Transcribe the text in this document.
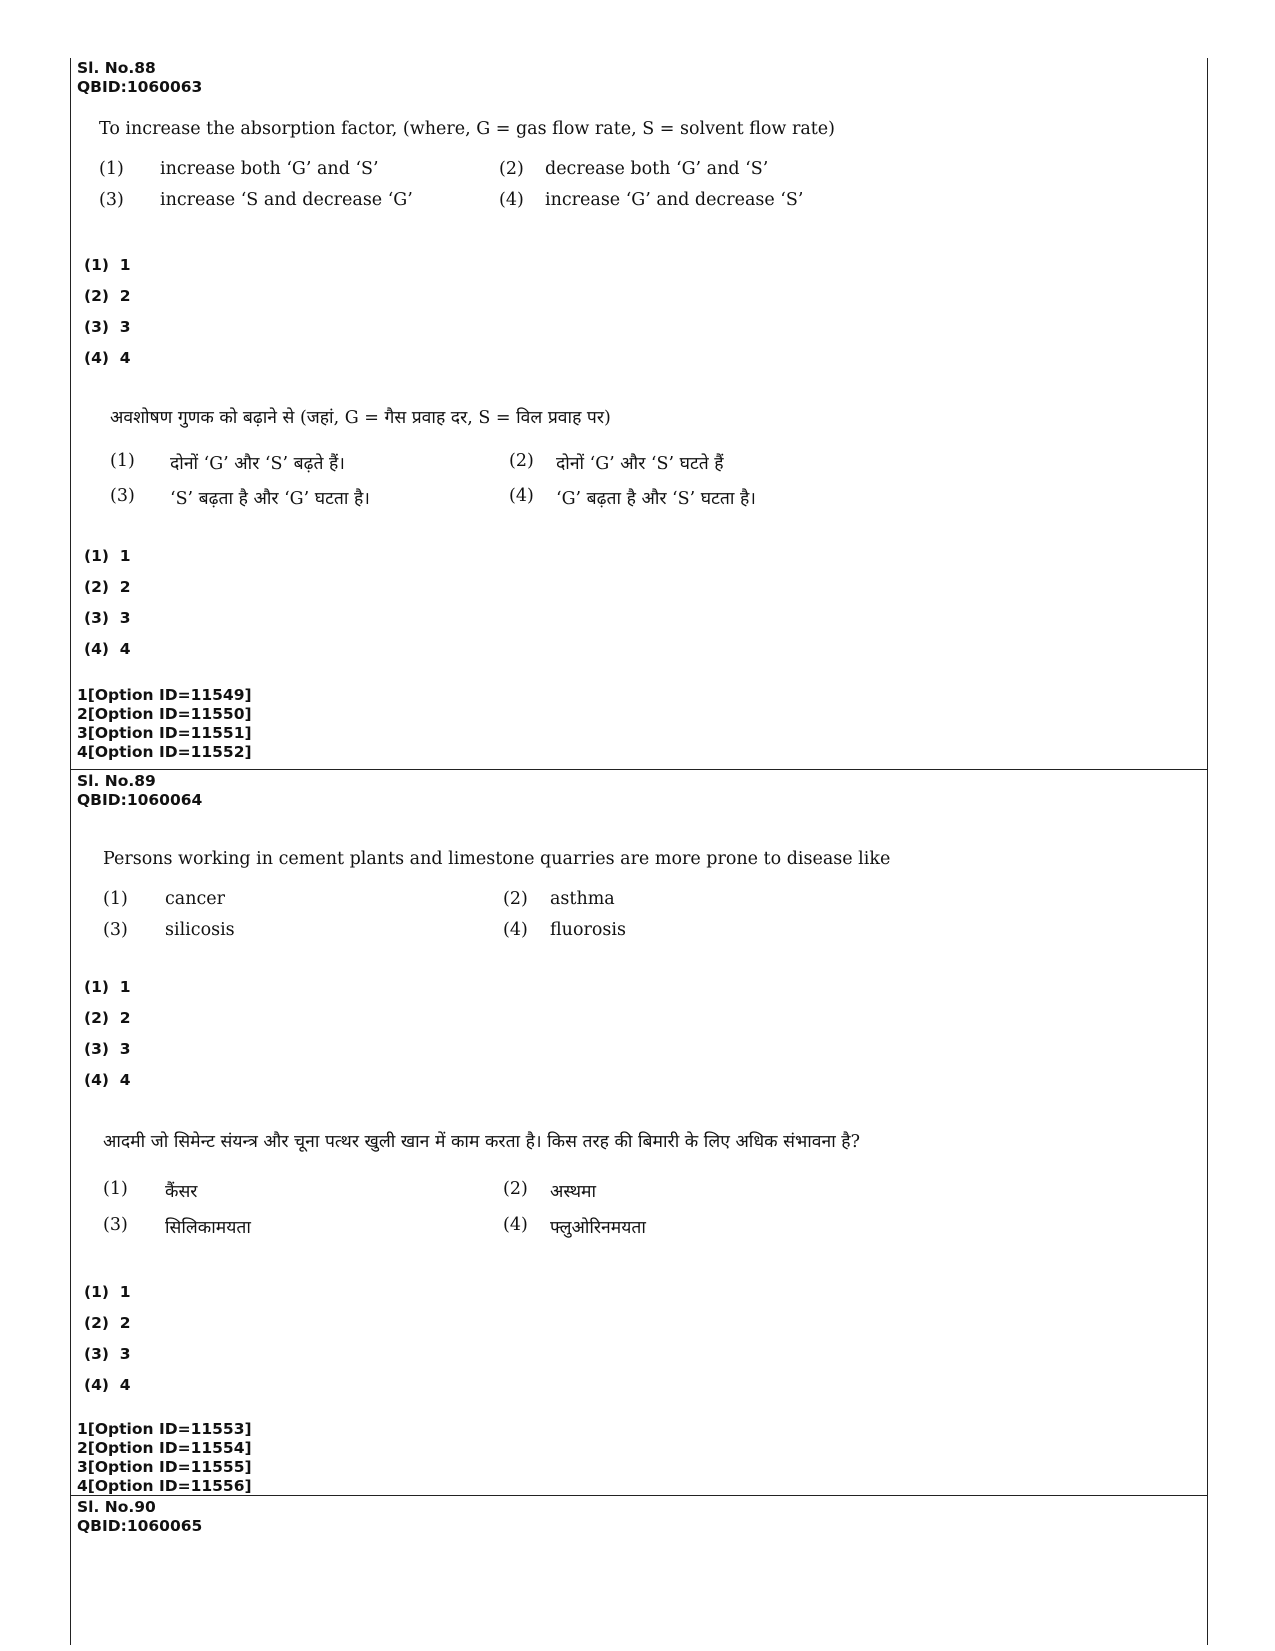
Sl. No.88
QBID:1060063
To increase the absorption factor, (where, G = gas flow rate, S = solvent flow rate)
(1) increase both ‘G’ and ‘S’	(2) decrease both ‘G’ and ‘S’
(3) increase ‘S and decrease ‘G’	(4) increase ‘G’ and decrease ‘S’
(1)  1
(2)  2
(3)  3
(4)  4
अवशोषण गुणक को बढ़ाने से (जहां, G = गैस प्रवाह दर, S = विल प्रवाह पर)
(1) दोनों ‘G’ और ‘S’ बढ़ते हैं।	(2) दोनों ‘G’ और ‘S’ घटते हैं
(3) ‘S’ बढ़ता है और ‘G’ घटता है।	(4) ‘G’ बढ़ता है और ‘S’ घटता है।
(1)  1
(2)  2
(3)  3
(4)  4
1[Option ID=11549]
2[Option ID=11550]
3[Option ID=11551]
4[Option ID=11552]
Sl. No.89
QBID:1060064
Persons working in cement plants and limestone quarries are more prone to disease like
(1) cancer	(2) asthma
(3) silicosis	(4) fluorosis
(1)  1
(2)  2
(3)  3
(4)  4
आदमी जो सिमेन्ट संयन्त्र और चूना पत्थर खुली खान में काम करता है। किस तरह की बिमारी के लिए अधिक संभावना है?
(1) कैंसर	(2) अस्थमा
(3) सिलिकामयता	(4) फ्लुओरिनमयता
(1)  1
(2)  2
(3)  3
(4)  4
1[Option ID=11553]
2[Option ID=11554]
3[Option ID=11555]
4[Option ID=11556]
Sl. No.90
QBID:1060065
